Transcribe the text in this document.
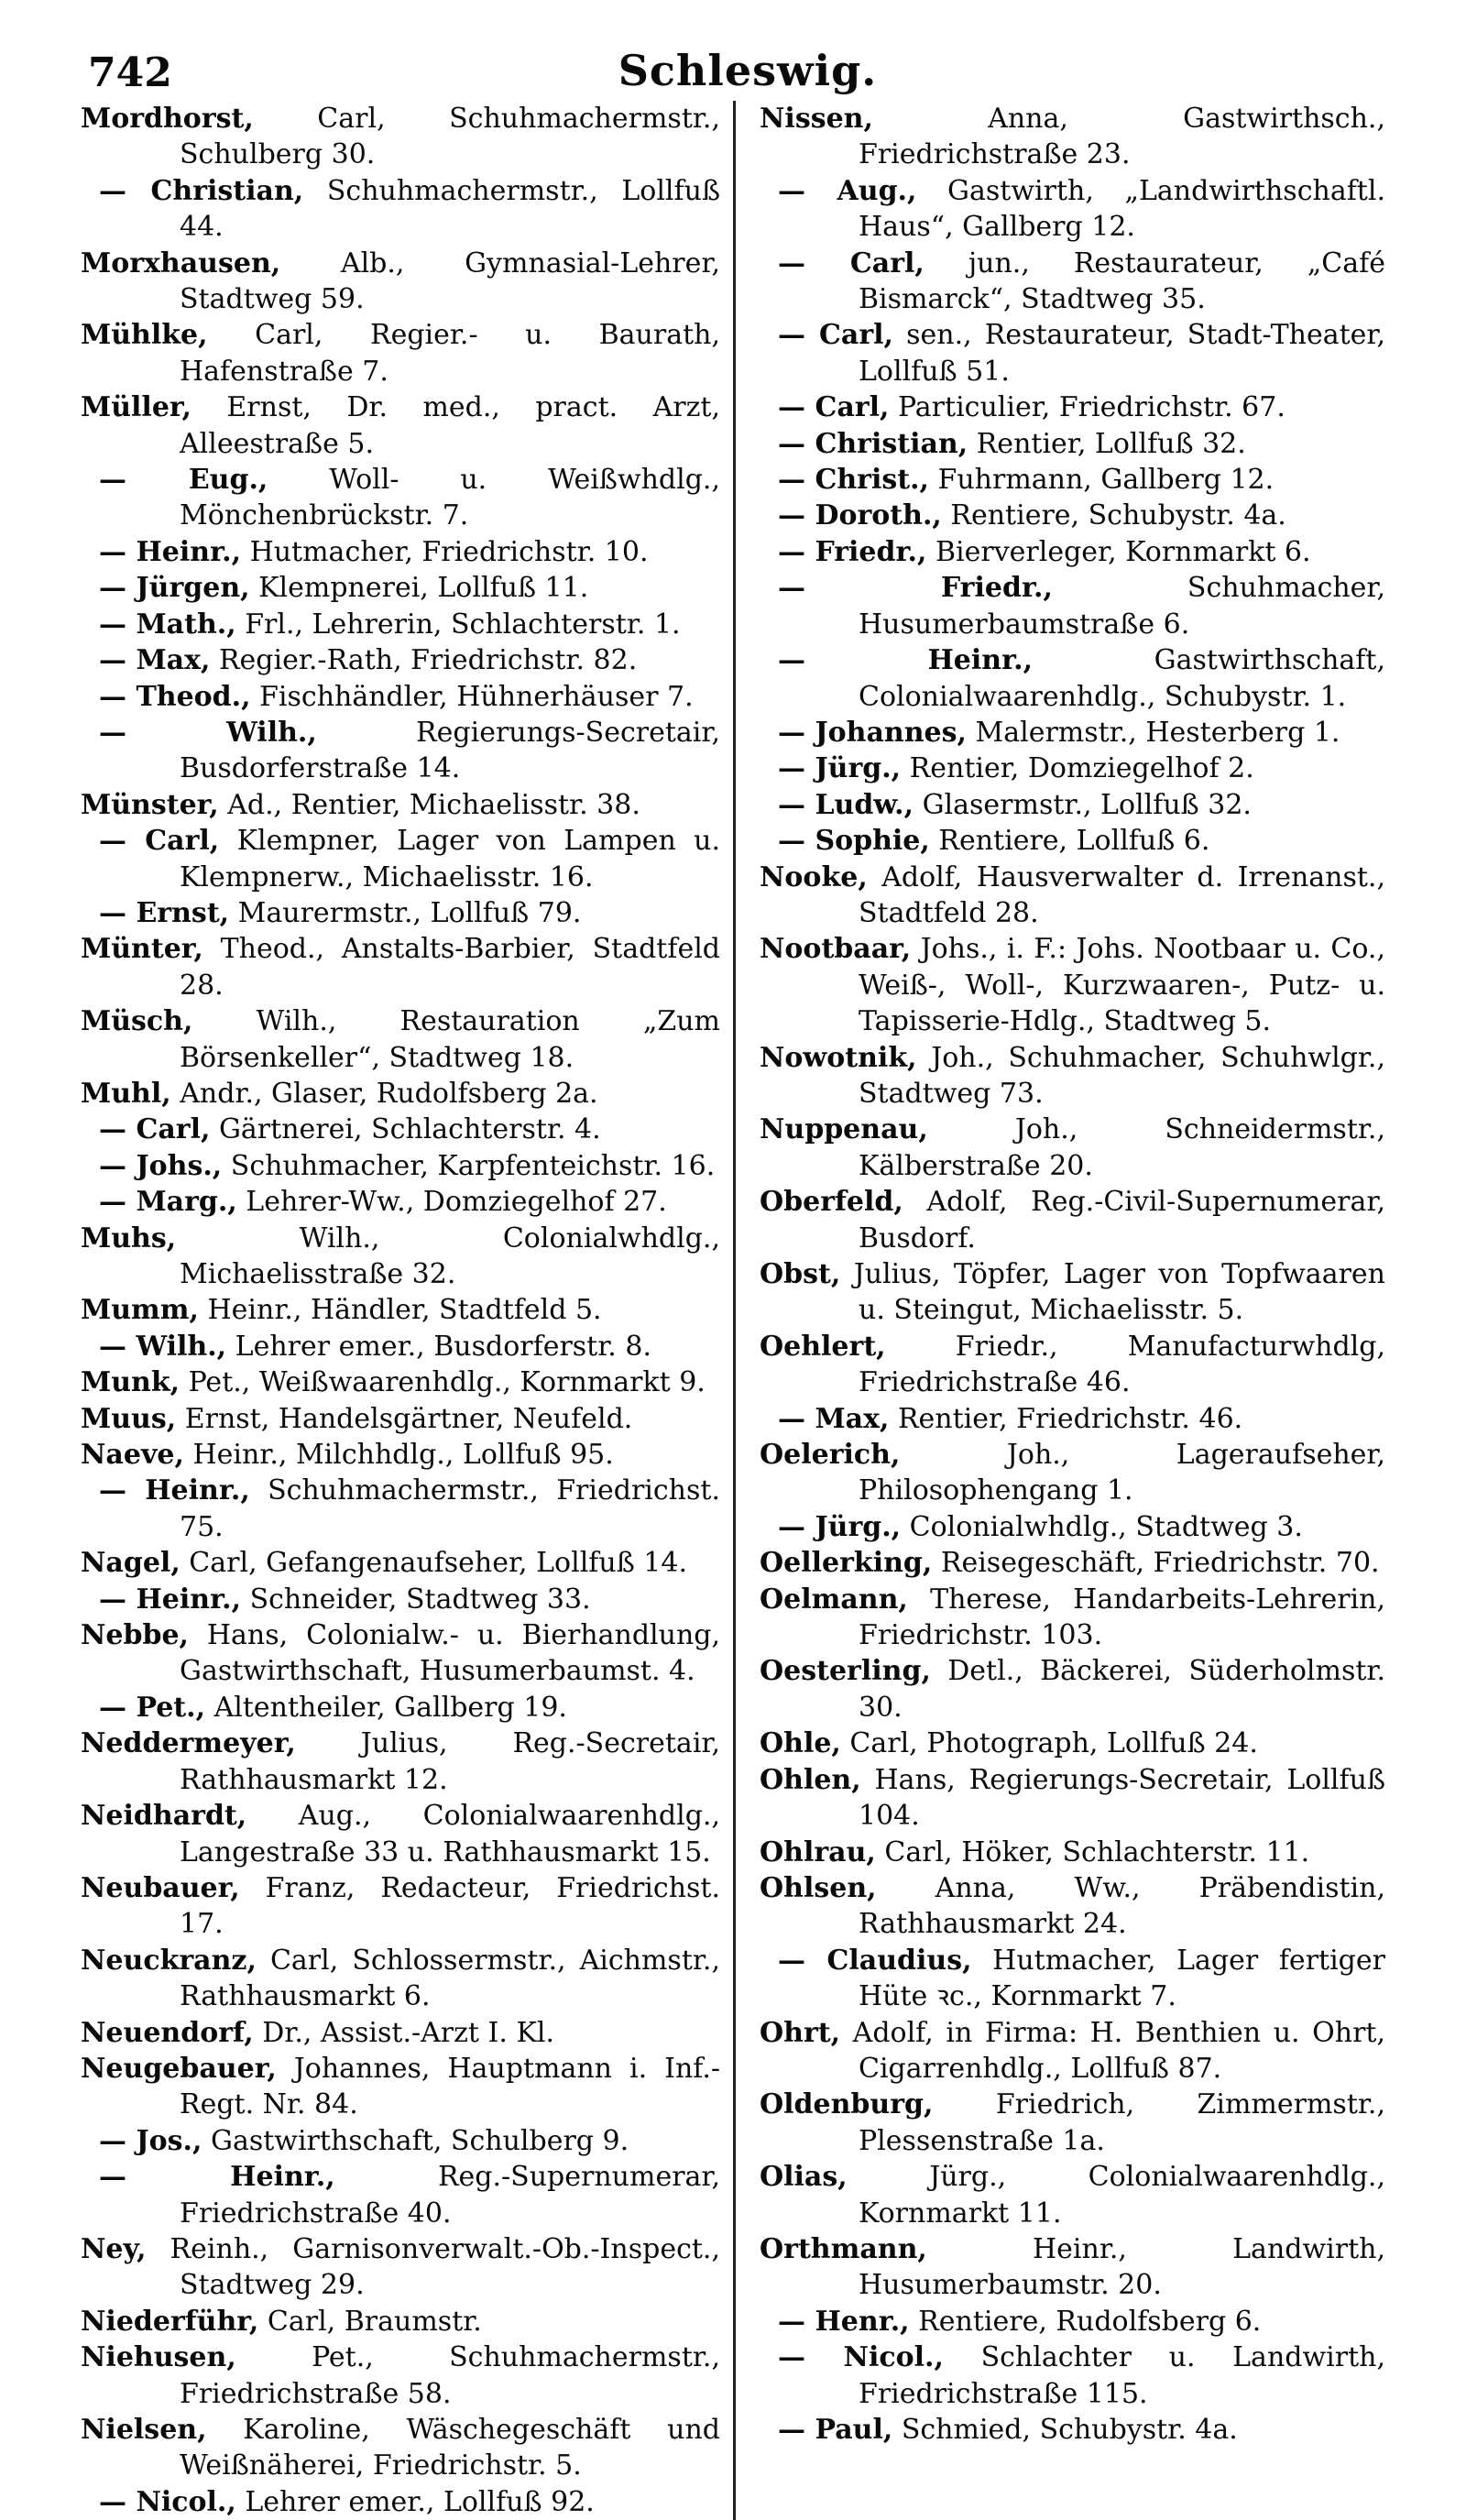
742	Schleswig.
Mordhorst, Carl, Schuhmachermstr., Schulberg 30.
— Christian, Schuhmachermstr., Lollfuß 44.
Morxhausen, Alb., Gymnasial-Lehrer, Stadtweg 59.
Mühlke, Carl, Regier.- u. Baurath, Hafenstraße 7.
Müller, Ernst, Dr. med., pract. Arzt, Alleestraße 5.
— Eug., Woll- u. Weißwhdlg., Mönchenbrückstr. 7.
— Heinr., Hutmacher, Friedrichstr. 10.
— Jürgen, Klempnerei, Lollfuß 11.
— Math., Frl., Lehrerin, Schlachterstr. 1.
— Max, Regier.-Rath, Friedrichstr. 82.
— Theod., Fischhändler, Hühnerhäuser 7.
— Wilh., Regierungs-Secretair, Busdorferstraße 14.
Münster, Ad., Rentier, Michaelisstr. 38.
— Carl, Klempner, Lager von Lampen u. Klempnerw., Michaelisstr. 16.
— Ernst, Maurermstr., Lollfuß 79.
Münter, Theod., Anstalts-Barbier, Stadtfeld 28.
Müsch, Wilh., Restauration „Zum Börsenkeller“, Stadtweg 18.
Muhl, Andr., Glaser, Rudolfsberg 2a.
— Carl, Gärtnerei, Schlachterstr. 4.
— Johs., Schuhmacher, Karpfenteichstr. 16.
— Marg., Lehrer-Ww., Domziegelhof 27.
Muhs, Wilh., Colonialwhdlg., Michaelisstraße 32.
Mumm, Heinr., Händler, Stadtfeld 5.
— Wilh., Lehrer emer., Busdorferstr. 8.
Munk, Pet., Weißwaarenhdlg., Kornmarkt 9.
Muus, Ernst, Handelsgärtner, Neufeld.
Naeve, Heinr., Milchhdlg., Lollfuß 95.
— Heinr., Schuhmachermstr., Friedrichst. 75.
Nagel, Carl, Gefangenaufseher, Lollfuß 14.
— Heinr., Schneider, Stadtweg 33.
Nebbe, Hans, Colonialw.- u. Bierhandlung, Gastwirthschaft, Husumerbaumst. 4.
— Pet., Altentheiler, Gallberg 19.
Neddermeyer, Julius, Reg.-Secretair, Rathhausmarkt 12.
Neidhardt, Aug., Colonialwaarenhdlg., Langestraße 33 u. Rathhausmarkt 15.
Neubauer, Franz, Redacteur, Friedrichst. 17.
Neuckranz, Carl, Schlossermstr., Aichmstr., Rathhausmarkt 6.
Neuendorf, Dr., Assist.-Arzt I. Kl.
Neugebauer, Johannes, Hauptmann i. Inf.-Regt. Nr. 84.
— Jos., Gastwirthschaft, Schulberg 9.
— Heinr., Reg.-Supernumerar, Friedrichstraße 40.
Ney, Reinh., Garnisonverwalt.-Ob.-Inspect., Stadtweg 29.
Niederführ, Carl, Braumstr.
Niehusen, Pet., Schuhmachermstr., Friedrichstraße 58.
Nielsen, Karoline, Wäschegeschäft und Weißnäherei, Friedrichstr. 5.
— Nicol., Lehrer emer., Lollfuß 92.
Nissen, Anna, Gastwirthsch., Friedrichstraße 23.
— Aug., Gastwirth, „Landwirthschaftl. Haus“, Gallberg 12.
— Carl, jun., Restaurateur, „Café Bismarck“, Stadtweg 35.
— Carl, sen., Restaurateur, Stadt-Theater, Lollfuß 51.
— Carl, Particulier, Friedrichstr. 67.
— Christian, Rentier, Lollfuß 32.
— Christ., Fuhrmann, Gallberg 12.
— Doroth., Rentiere, Schubystr. 4a.
— Friedr., Bierverleger, Kornmarkt 6.
— Friedr., Schuhmacher, Husumerbaumstraße 6.
— Heinr., Gastwirthschaft, Colonialwaarenhdlg., Schubystr. 1.
— Johannes, Malermstr., Hesterberg 1.
— Jürg., Rentier, Domziegelhof 2.
— Ludw., Glasermstr., Lollfuß 32.
— Sophie, Rentiere, Lollfuß 6.
Nooke, Adolf, Hausverwalter d. Irrenanst., Stadtfeld 28.
Nootbaar, Johs., i. F.: Johs. Nootbaar u. Co., Weiß-, Woll-, Kurzwaaren-, Putz- u. Tapisserie-Hdlg., Stadtweg 5.
Nowotnik, Joh., Schuhmacher, Schuhwlgr., Stadtweg 73.
Nuppenau, Joh., Schneidermstr., Kälberstraße 20.
Oberfeld, Adolf, Reg.-Civil-Supernumerar, Busdorf.
Obst, Julius, Töpfer, Lager von Topfwaaren u. Steingut, Michaelisstr. 5.
Oehlert, Friedr., Manufacturwhdlg, Friedrichstraße 46.
— Max, Rentier, Friedrichstr. 46.
Oelerich, Joh., Lageraufseher, Philosophengang 1.
— Jürg., Colonialwhdlg., Stadtweg 3.
Oellerking, Reisegeschäft, Friedrichstr. 70.
Oelmann, Therese, Handarbeits-Lehrerin, Friedrichstr. 103.
Oesterling, Detl., Bäckerei, Süderholmstr. 30.
Ohle, Carl, Photograph, Lollfuß 24.
Ohlen, Hans, Regierungs-Secretair, Lollfuß 104.
Ohlrau, Carl, Höker, Schlachterstr. 11.
Ohlsen, Anna, Ww., Präbendistin, Rathhausmarkt 24.
— Claudius, Hutmacher, Lager fertiger Hüte ꝛc., Kornmarkt 7.
Ohrt, Adolf, in Firma: H. Benthien u. Ohrt, Cigarrenhdlg., Lollfuß 87.
Oldenburg, Friedrich, Zimmermstr., Plessenstraße 1a.
Olias, Jürg., Colonialwaarenhdlg., Kornmarkt 11.
Orthmann, Heinr., Landwirth, Husumerbaumstr. 20.
— Henr., Rentiere, Rudolfsberg 6.
— Nicol., Schlachter u. Landwirth, Friedrichstraße 115.
— Paul, Schmied, Schubystr. 4a.
